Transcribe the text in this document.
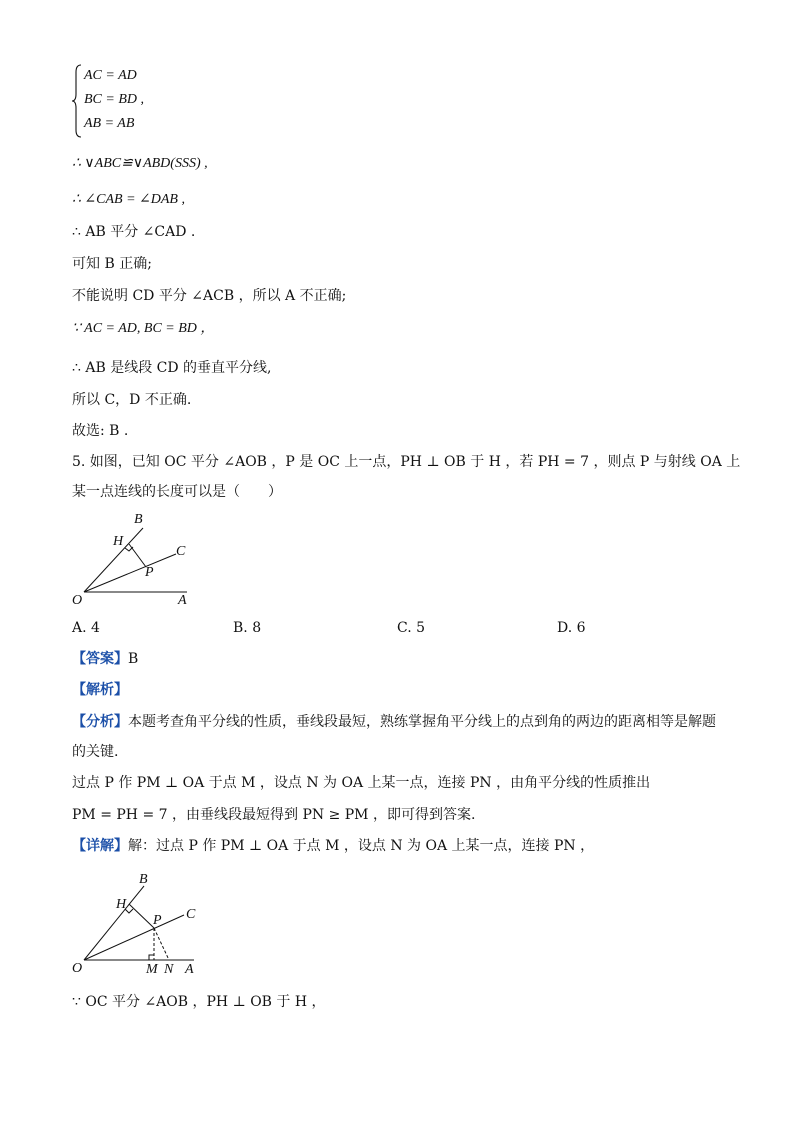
AC = AD
BC = BD ,
AB = AB
∴ ∨ABC≌∨ABD(SSS) ,
∴ ∠CAB = ∠DAB ,
∴ AB 平分 ∠CAD .
可知 B 正确;
不能说明 CD 平分 ∠ACB ，所以 A 不正确;
∵ AC = AD, BC = BD ，
∴ AB 是线段 CD 的垂直平分线,
所以 C，D 不正确.
故选: B .
5. 如图，已知 OC 平分 ∠AOB ，P 是 OC 上一点，PH ⊥ OB 于 H ，若 PH = 7 ，则点 P 与射线 OA 上
某一点连线的长度可以是（　　）
B
H
C
P
O	A
A. 4	B. 8	C. 5	D. 6
【答案】B
【解析】
【分析】本题考查角平分线的性质，垂线段最短，熟练掌握角平分线上的点到角的两边的距离相等是解题
的关键.
过点 P 作 PM ⊥ OA 于点 M ，设点 N 为 OA 上某一点，连接 PN ，由角平分线的性质推出
PM = PH = 7 ，由垂线段最短得到 PN ≥ PM ，即可得到答案.
【详解】解：过点 P 作 PM ⊥ OA 于点 M ，设点 N 为 OA 上某一点，连接 PN ，
B
H
C
P
O	M N A
∵ OC 平分 ∠AOB ，PH ⊥ OB 于 H ，
